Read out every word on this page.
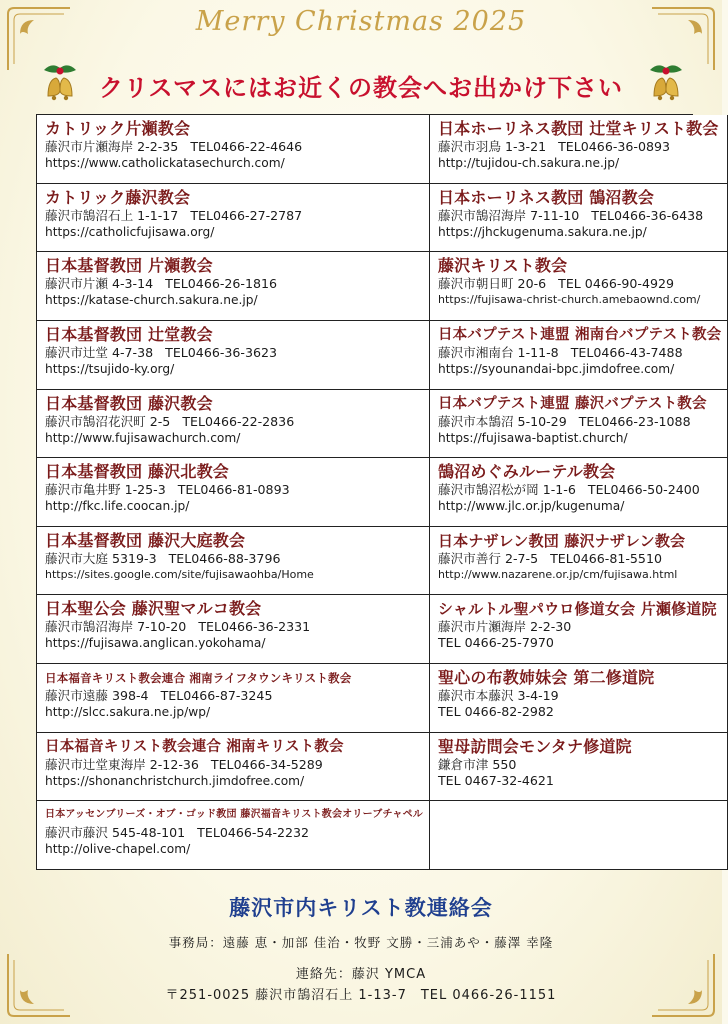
Merry Christmas 2025
クリスマスにはお近くの教会へお出かけ下さい
カトリック片瀬教会
藤沢市片瀬海岸 2-2-35 TEL0466-22-4646
https://www.catholickatasechurch.com/
日本ホーリネス教団 辻堂キリスト教会
藤沢市羽鳥 1-3-21 TEL0466-36-0893
http://tujidou-ch.sakura.ne.jp/
カトリック藤沢教会
藤沢市鵠沼石上 1-1-17 TEL0466-27-2787
https://catholicfujisawa.org/
日本ホーリネス教団 鵠沼教会
藤沢市鵠沼海岸 7-11-10 TEL0466-36-6438
https://jhckugenuma.sakura.ne.jp/
日本基督教団 片瀬教会
藤沢市片瀬 4-3-14 TEL0466-26-1816
https://katase-church.sakura.ne.jp/
藤沢キリスト教会
藤沢市朝日町 20-6 TEL 0466-90-4929
https://fujisawa-christ-church.amebaownd.com/
日本基督教団 辻堂教会
藤沢市辻堂 4-7-38 TEL0466-36-3623
https://tsujido-ky.org/
日本バプテスト連盟 湘南台バプテスト教会
藤沢市湘南台 1-11-8 TEL0466-43-7488
https://syounandai-bpc.jimdofree.com/
日本基督教団 藤沢教会
藤沢市鵠沼花沢町 2-5 TEL0466-22-2836
http://www.fujisawachurch.com/
日本バプテスト連盟 藤沢バプテスト教会
藤沢市本鵠沼 5-10-29 TEL0466-23-1088
https://fujisawa-baptist.church/
日本基督教団 藤沢北教会
藤沢市亀井野 1-25-3 TEL0466-81-0893
http://fkc.life.coocan.jp/
鵠沼めぐみルーテル教会
藤沢市鵠沼松が岡 1-1-6 TEL0466-50-2400
http://www.jlc.or.jp/kugenuma/
日本基督教団 藤沢大庭教会
藤沢市大庭 5319-3 TEL0466-88-3796
https://sites.google.com/site/fujisawaohba/Home
日本ナザレン教団 藤沢ナザレン教会
藤沢市善行 2-7-5 TEL0466-81-5510
http://www.nazarene.or.jp/cm/fujisawa.html
日本聖公会 藤沢聖マルコ教会
藤沢市鵠沼海岸 7-10-20 TEL0466-36-2331
https://fujisawa.anglican.yokohama/
シャルトル聖パウロ修道女会 片瀬修道院
藤沢市片瀬海岸 2-2-30
TEL 0466-25-7970
日本福音キリスト教会連合 湘南ライフタウンキリスト教会
藤沢市遠藤 398-4 TEL0466-87-3245
http://slcc.sakura.ne.jp/wp/
聖心の布教姉妹会 第二修道院
藤沢市本藤沢 3-4-19
TEL 0466-82-2982
日本福音キリスト教会連合 湘南キリスト教会
藤沢市辻堂東海岸 2-12-36 TEL0466-34-5289
https://shonanchristchurch.jimdofree.com/
聖母訪問会モンタナ修道院
鎌倉市津 550
TEL 0467-32-4621
日本アッセンブリーズ・オブ・ゴッド教団 藤沢福音キリスト教会オリーブチャペル
藤沢市藤沢 545-48-101 TEL0466-54-2232
http://olive-chapel.com/
藤沢市内キリスト教連絡会
事務局：遠藤 恵・加部 佳治・牧野 文勝・三浦あや・藤澤 幸隆
連絡先：藤沢 YMCA
〒251-0025 藤沢市鵠沼石上 1-13-7　TEL 0466-26-1151
